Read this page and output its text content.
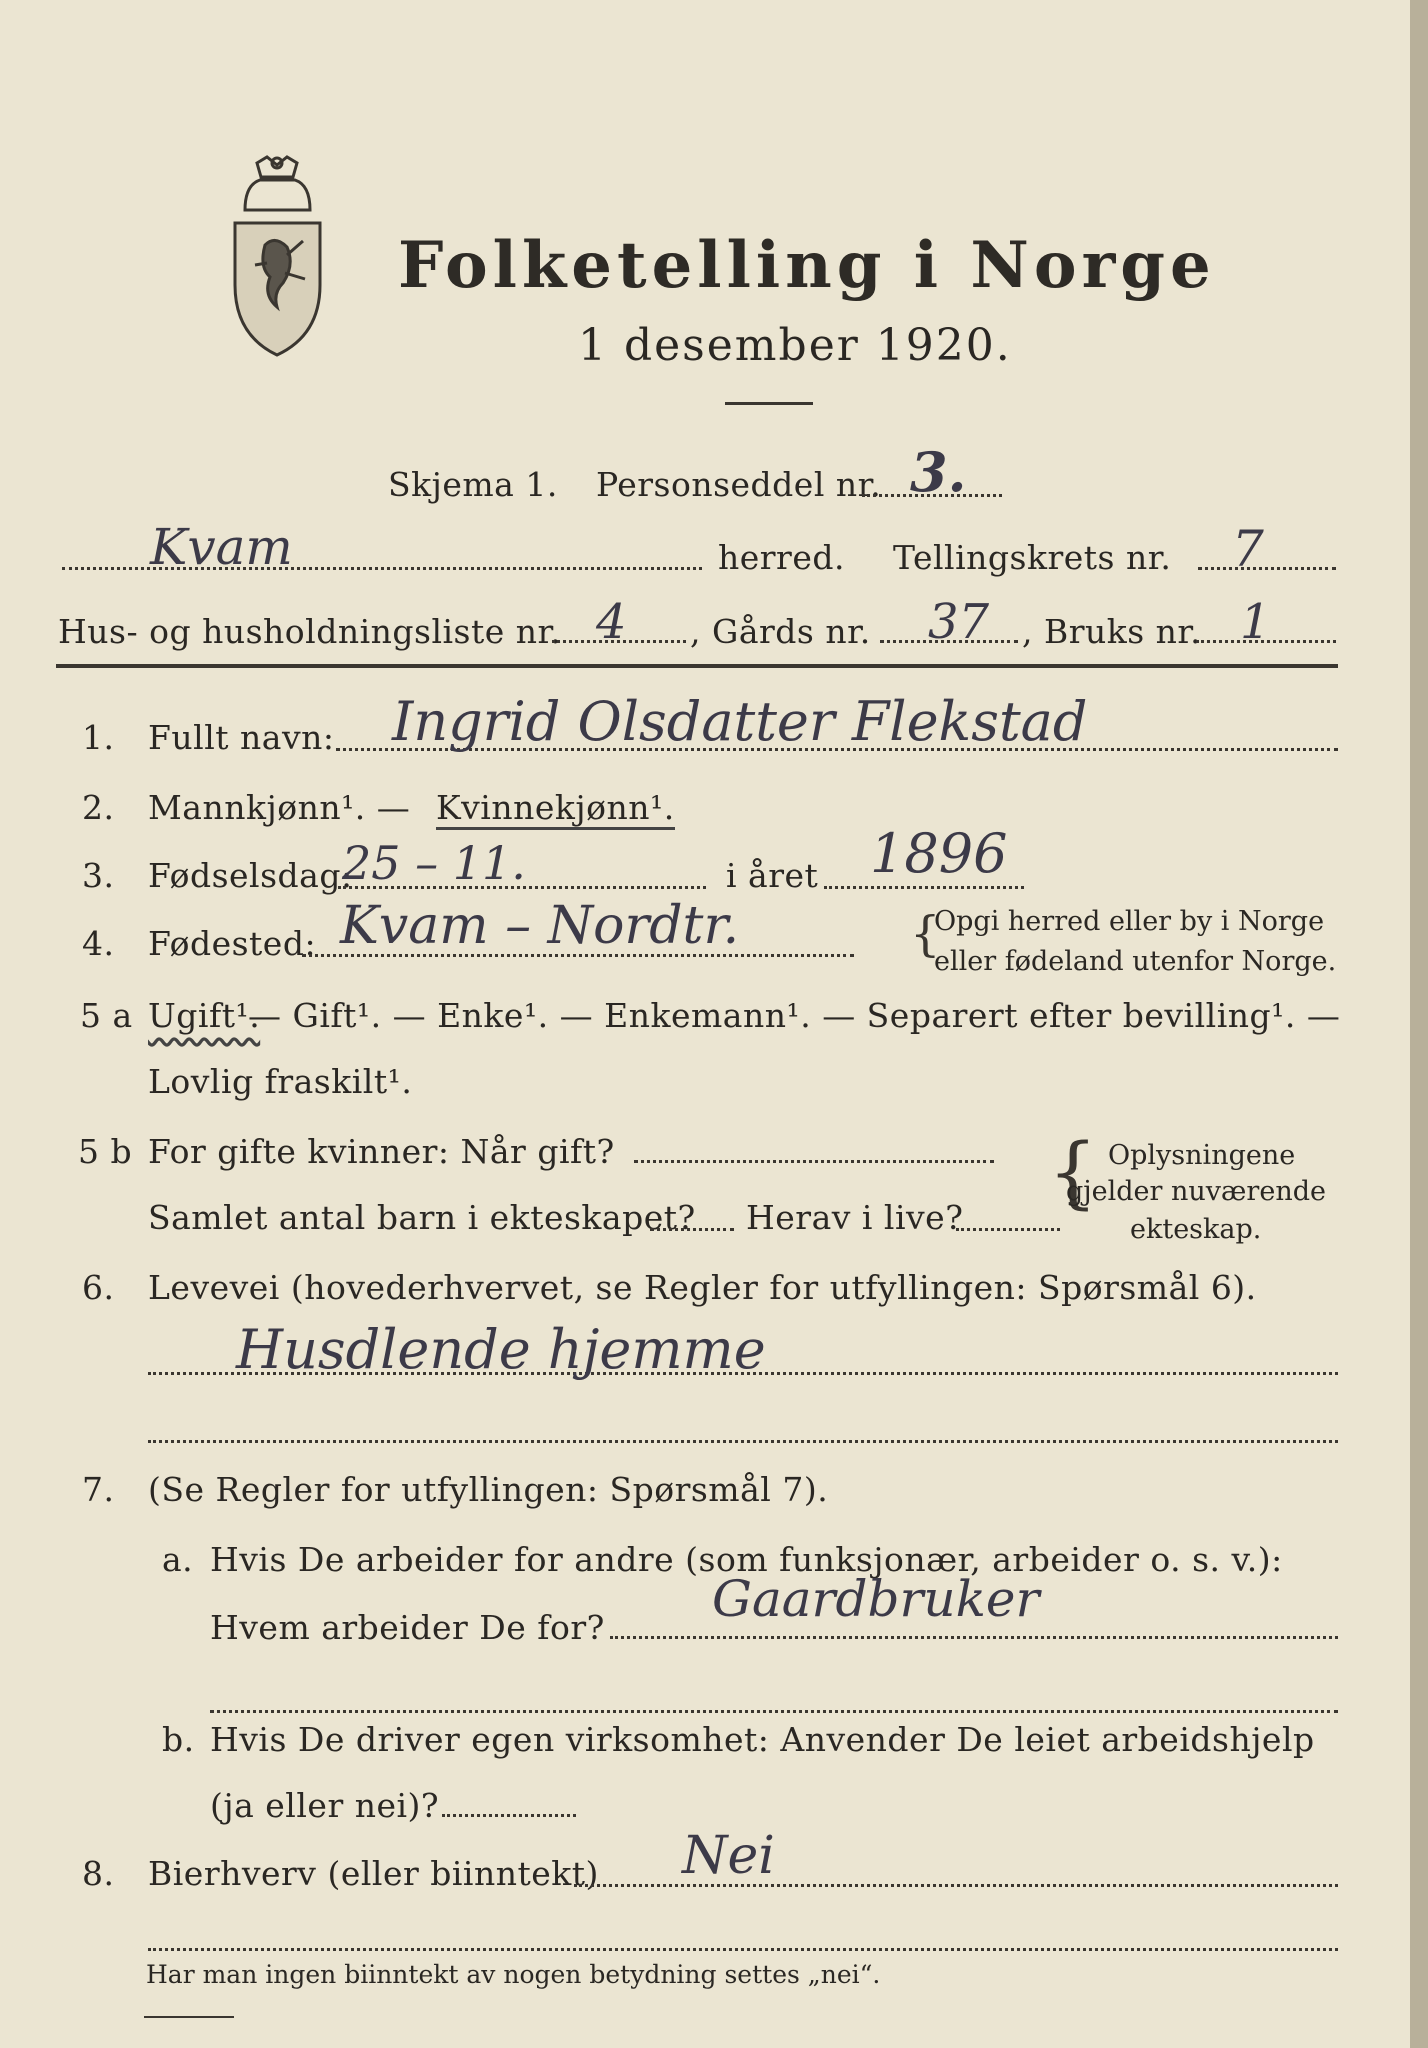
Folketelling i Norge
1 desember 1920.
Skjema 1. Personseddel nr. 3.
Kvam	herred. Tellingskrets nr. 7
Hus- og husholdningsliste nr. 4 , Gårds nr. 37 , Bruks nr. 1
1. Fullt navn: Ingrid Olsdatter Flekstad
2. Mannkjønn¹. — Kvinnekjønn¹.
3. Fødselsdag:
25 – 11.	i året 1896
4. Fødested: Kvam – Nordtr.	{
Opgi herred eller by i Norge
eller fødeland utenfor Norge.
5 a Ugift¹.
— Gift¹. — Enke¹. — Enkemann¹. — Separert efter bevilling¹. —
Lovlig fraskilt¹.
5 b For gifte kvinner: Når gift?
Samlet antal barn i ekteskapet? Herav i live? { Oplysningene
gjelder nuværende
ekteskap.
6. Levevei (hovederhvervet, se Regler for utfyllingen: Spørsmål 6).
Husdlende hjemme
7. (Se Regler for utfyllingen: Spørsmål 7).
a. Hvis De arbeider for andre (som funksjonær, arbeider o. s. v.):
Hvem arbeider De for? Gaardbruker
b. Hvis De driver egen virksomhet: Anvender De leiet arbeidshjelp
(ja eller nei)?
8. Bierhverv (eller biinntekt) Nei
Har man ingen biinntekt av nogen betydning settes „nei“.
